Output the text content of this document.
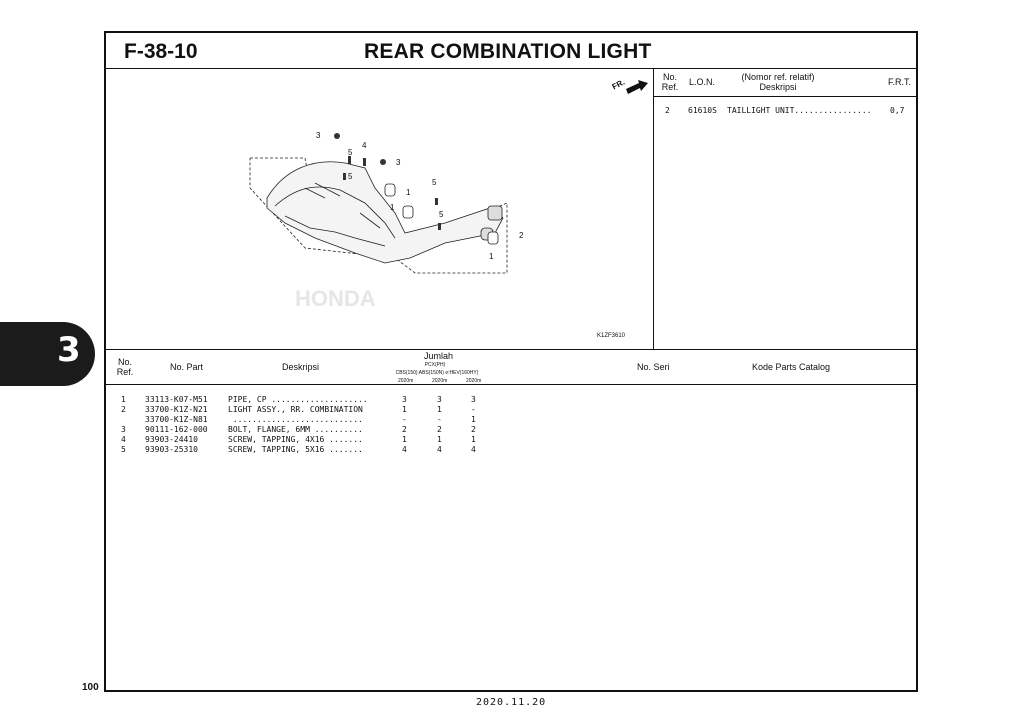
3
F-38-10	REAR COMBINATION LIGHT
HONDA
3
4
5
5
3
5
1
1
5
2
1
FR.
K1ZF3610
No.
Ref. L.O.N.	(Nomor ref. relatif)
Deskripsi	F.R.T.
2 61610S TAILLIGHT UNIT................ 0,7
No.
Ref.	No. Part	Deskripsi
Jumlah
PCX(PH)
CBS(150) ABS(150N) e:HEV(160HY)
2020m	2020m	2020m
No. Seri	Kode Parts Catalog
1 33113-K07-M51	PIPE, CP ....................	3	3	3
2 33700-K1Z-N21	LIGHT ASSY., RR. COMBINATION	1	1	-
33700-K1Z-N81	...........................	-	-	1
3 90111-162-000	BOLT, FLANGE, 6MM ..........	2	2	2
4 93903-24410	SCREW, TAPPING, 4X16 .......	1	1	1
5 93903-25310	SCREW, TAPPING, 5X16 .......	4	4	4
100
2020.11.20
